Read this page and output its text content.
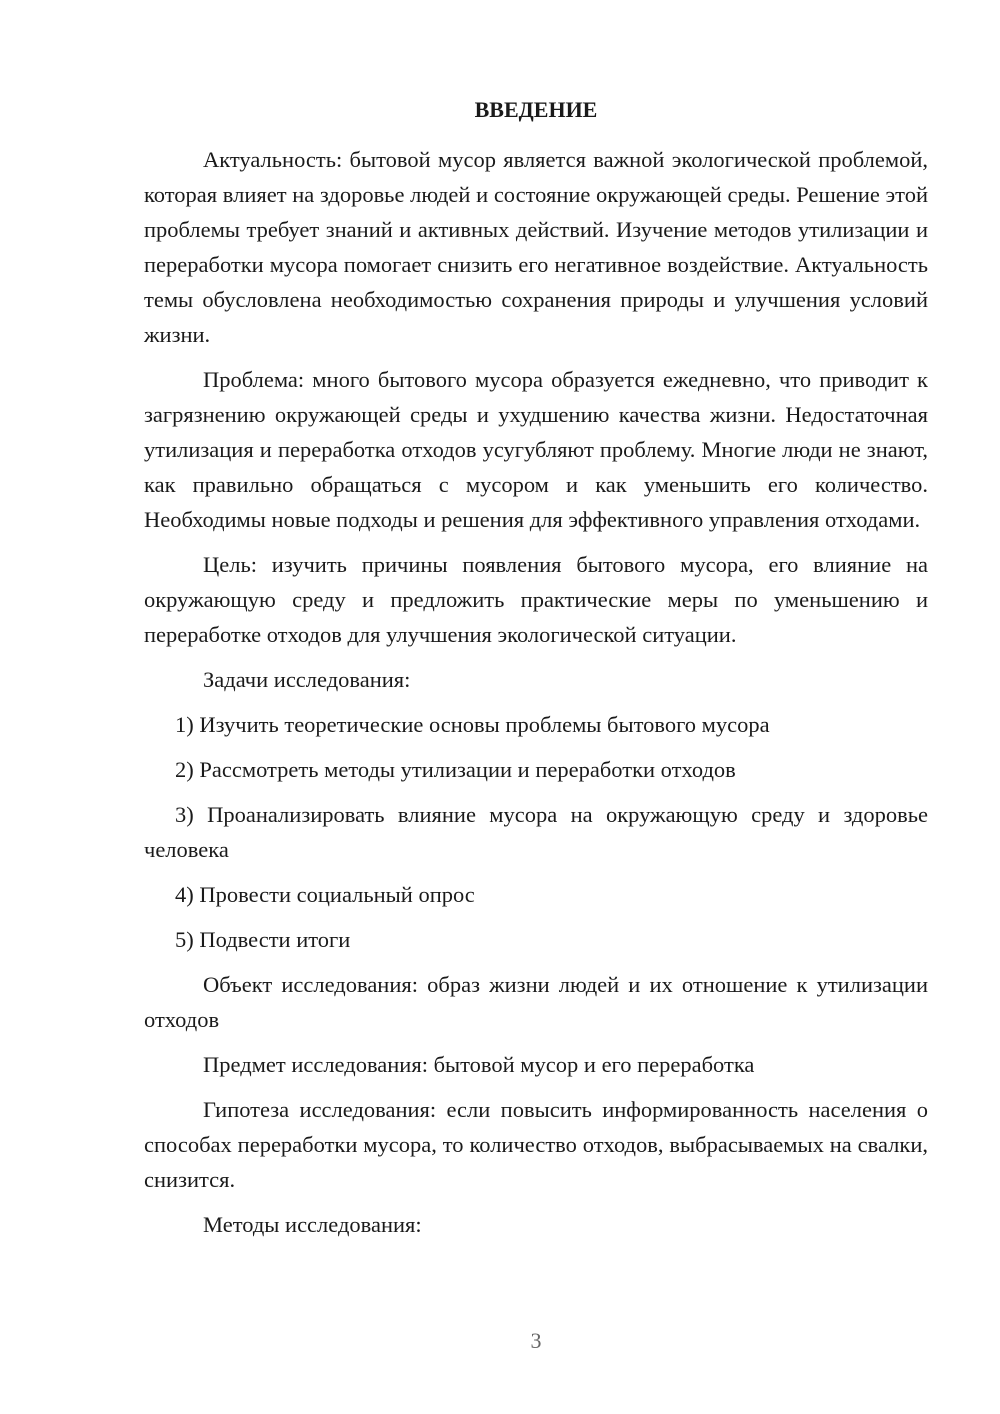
ВВЕДЕНИЕ

Актуальность: бытовой мусор является важной экологической проблемой, которая влияет на здоровье людей и состояние окружающей среды. Решение этой проблемы требует знаний и активных действий. Изучение методов утилизации и переработки мусора помогает снизить его негативное воздействие. Актуальность темы обусловлена необходимостью сохранения природы и улучшения условий жизни.

Проблема: много бытового мусора образуется ежедневно, что приводит к загрязнению окружающей среды и ухудшению качества жизни. Недостаточная утилизация и переработка отходов усугубляют проблему. Многие люди не знают, как правильно обращаться с мусором и как уменьшить его количество. Необходимы новые подходы и решения для эффективного управления отходами.

Цель: изучить причины появления бытового мусора, его влияние на окружающую среду и предложить практические меры по уменьшению и переработке отходов для улучшения экологической ситуации.

Задачи исследования:

1) Изучить теоретические основы проблемы бытового мусора

2) Рассмотреть методы утилизации и переработки отходов

3) Проанализировать влияние мусора на окружающую среду и здоровье человека

4) Провести социальный опрос

5) Подвести итоги

Объект исследования: образ жизни людей и их отношение к утилизации отходов

Предмет исследования: бытовой мусор и его переработка

Гипотеза исследования: если повысить информированность населения о способах переработки мусора, то количество отходов, выбрасываемых на свалки, снизится.

Методы исследования:

3
